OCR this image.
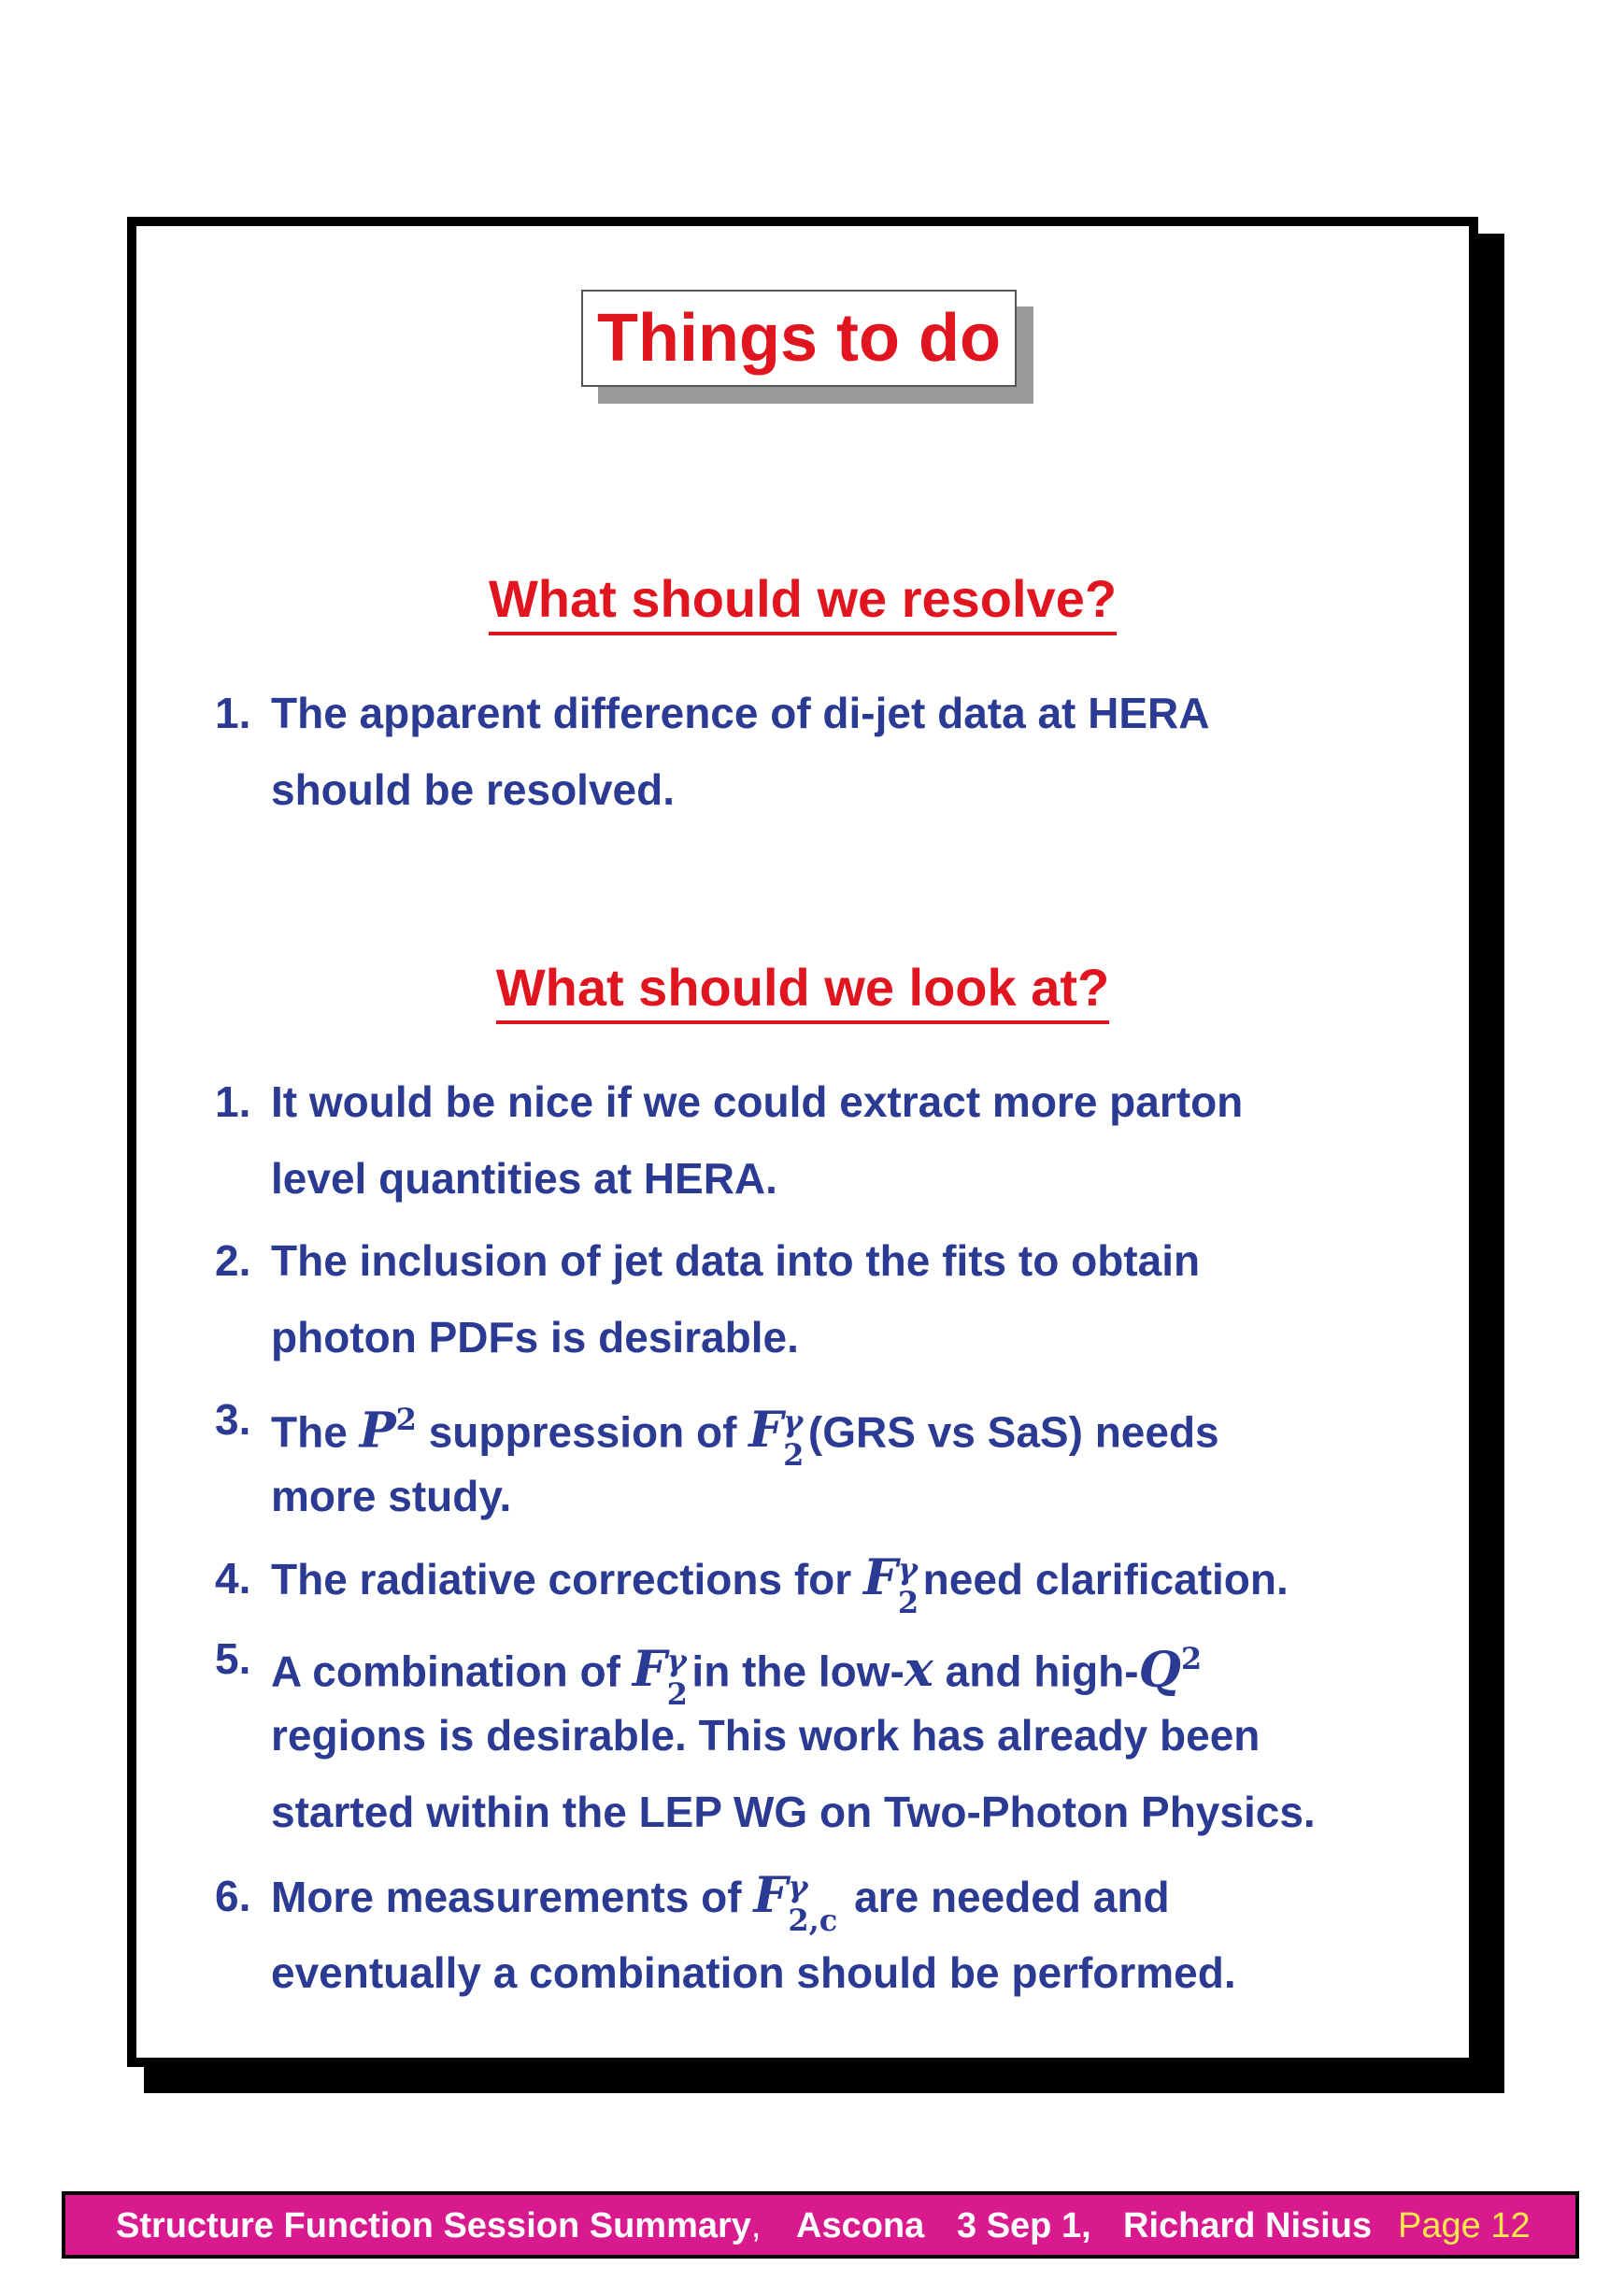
Things to do
What should we resolve?
1. The apparent difference of di-jet data at HERA
should be resolved.
What should we look at?
1. It would be nice if we could extract more parton
level quantities at HERA.
2. The inclusion of jet data into the fits to obtain
photon PDFs is desirable.
3. The $P^2$ suppression of F γ
2 (GRS vs SaS) needs
more study.
4. The radiative corrections for F γ
2 need clarification.
5. A combination of F γ
2 in the low-x and high-$Q^2$
regions is desirable. This work has already been
started within the LEP WG on Two-Photon Physics.
6. More measurements of F γ
2,c are needed and
eventually a combination should be performed.
Structure Function Session Summary, Ascona 3 Sep 1, Richard Nisius Page 12
